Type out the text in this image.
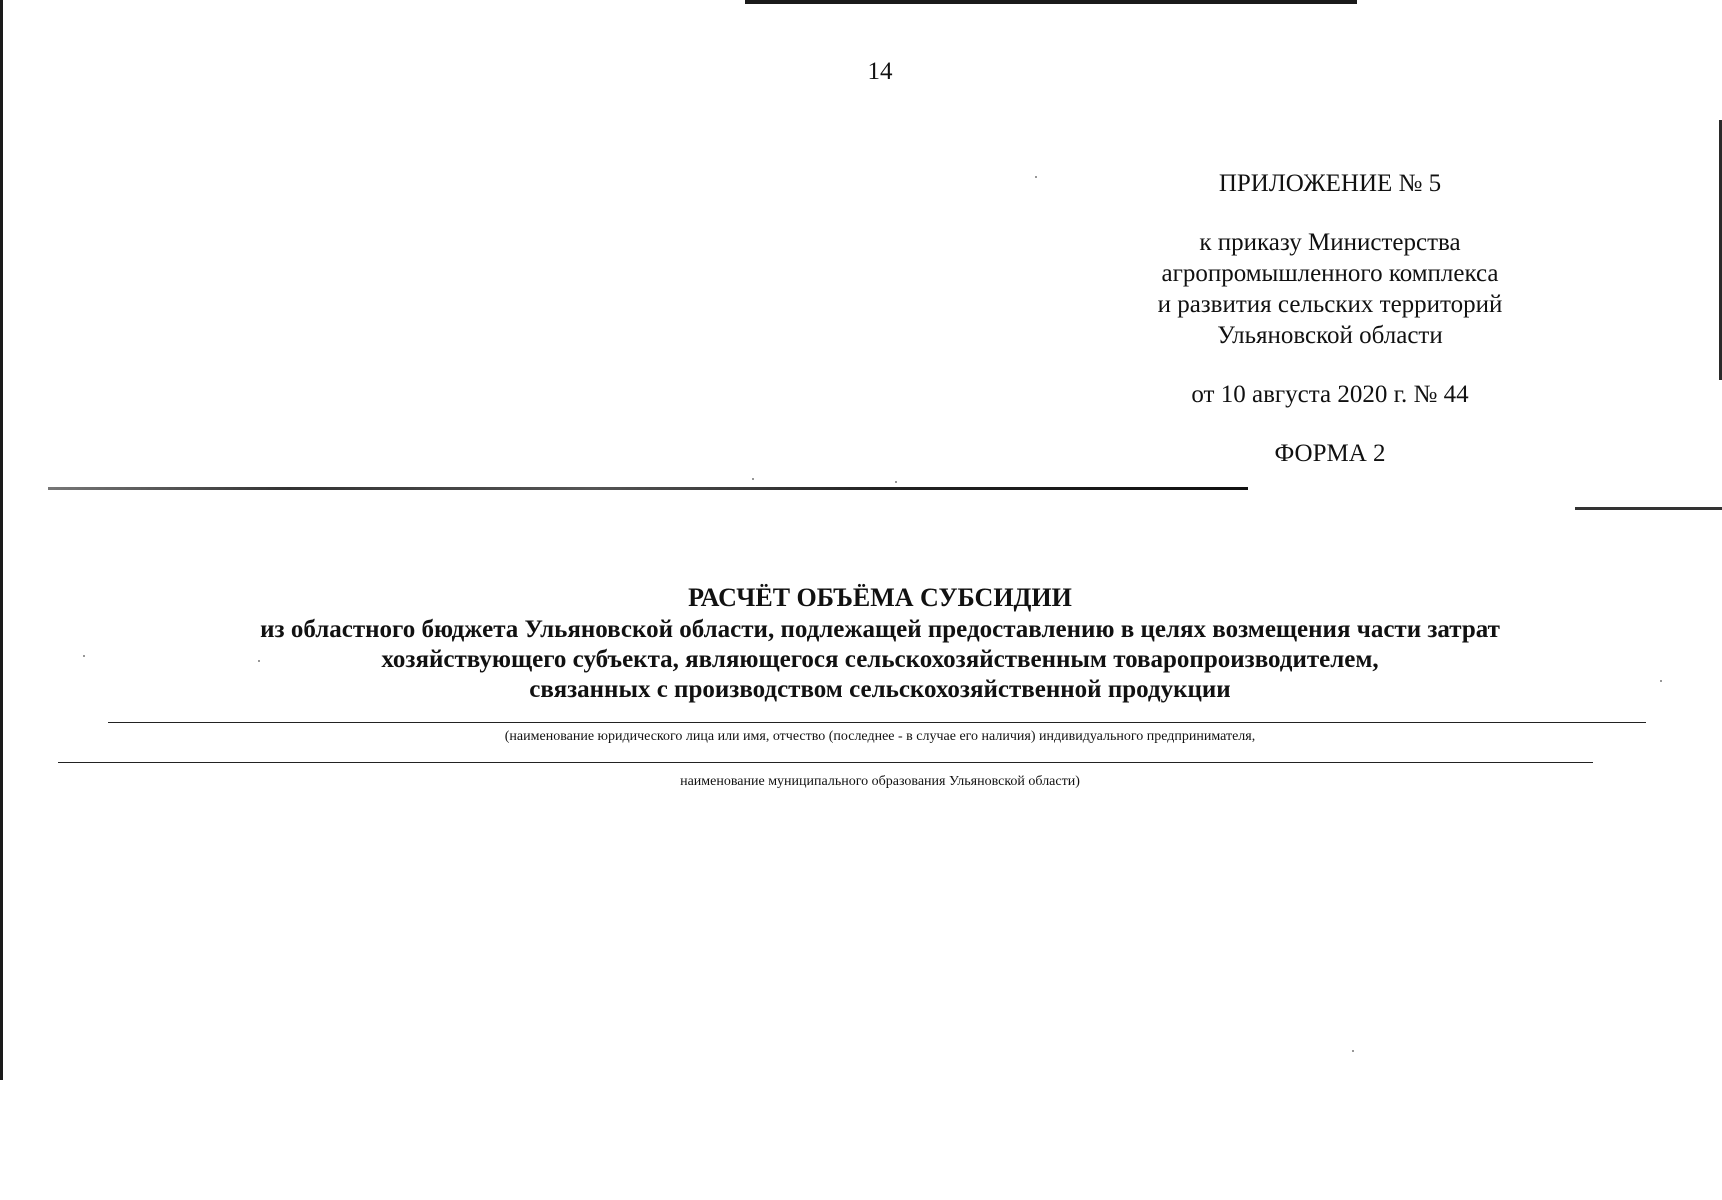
14
ПРИЛОЖЕНИЕ № 5
к приказу Министерства
агропромышленного комплекса
и развития сельских территорий
Ульяновской области
от 10 августа 2020 г. № 44
ФОРМА 2
РАСЧЁТ ОБЪЁМА СУБСИДИИ
из областного бюджета Ульяновской области, подлежащей предоставлению в целях возмещения части затрат
хозяйствующего субъекта, являющегося сельскохозяйственным товаропроизводителем,
связанных с производством сельскохозяйственной продукции
(наименование юридического лица или имя, отчество (последнее - в случае его наличия) индивидуального предпринимателя,
наименование муниципального образования Ульяновской области)
